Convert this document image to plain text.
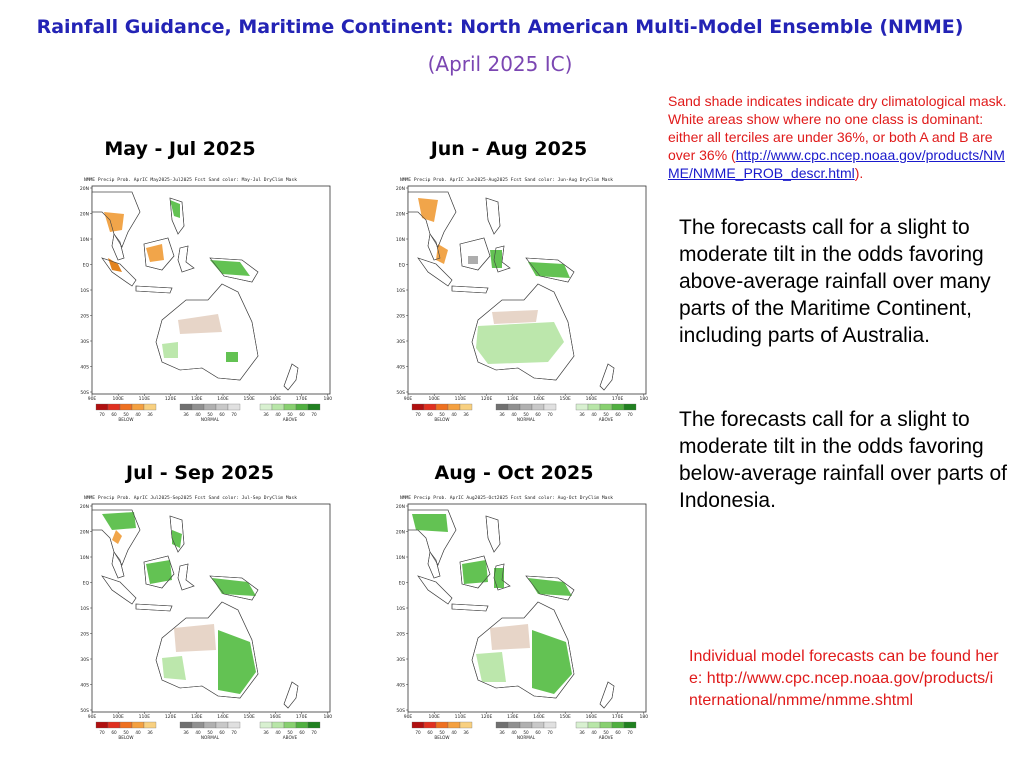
Rainfall Guidance, Maritime Continent: North American Multi-Model Ensemble (NMME)
(April 2025 IC)
Sand shade indicates indicate dry climatological mask. White areas show where no one class is dominant: either all terciles are under 36%, or both A and B are over 36% (http://www.cpc.ncep.noaa.gov/products/NMME/NMME_PROB_descr.html).
The forecasts call for a slight to moderate tilt in the odds favoring above-average rainfall over many parts of the Maritime Continent, including parts of Australia.
The forecasts call for a slight to moderate tilt in the odds favoring below-average rainfall over parts of Indonesia.
Individual model forecasts can be found here: http://www.cpc.ncep.noaa.gov/products/international/nmme/nmme.shtml
May - Jul 2025
NMME Precip Prob. AprIC May2025-Jul2025 Fcst Sand color: May-Jul DryClim Mask
20N
20N
10N
EQ
10S
20S
30S
40S
50S
90E	100E	110E	120E	130E	140E	150E	160E	170E	180
70 60 50 40 36
BELOW
36 40 50 60 70
NORMAL
36 40 50 60 70
ABOVE
Jun - Aug 2025
NMME Precip Prob. AprIC Jun2025-Aug2025 Fcst Sand color: Jun-Aug DryClim Mask
20N
20N
10N
EQ
10S
20S
30S
40S
50S
90E	100E	110E	120E	130E	140E	150E	160E	170E	180
70 60 50 40 36
BELOW
36 40 50 60 70
NORMAL
36 40 50 60 70
ABOVE
Jul - Sep 2025
NMME Precip Prob. AprIC Jul2025-Sep2025 Fcst Sand color: Jul-Sep DryClim Mask
20N
20N
10N
EQ
10S
20S
30S
40S
50S
90E	100E	110E	120E	130E	140E	150E	160E	170E	180
70 60 50 40 36
BELOW
36 40 50 60 70
NORMAL
36 40 50 60 70
ABOVE
Aug - Oct 2025
NMME Precip Prob. AprIC Aug2025-Oct2025 Fcst Sand color: Aug-Oct DryClim Mask
20N
20N
10N
EQ
10S
20S
30S
40S
50S
90E	100E	110E	120E	130E	140E	150E	160E	170E	180
70 60 50 40 36
BELOW
36 40 50 60 70
NORMAL
36 40 50 60 70
ABOVE
